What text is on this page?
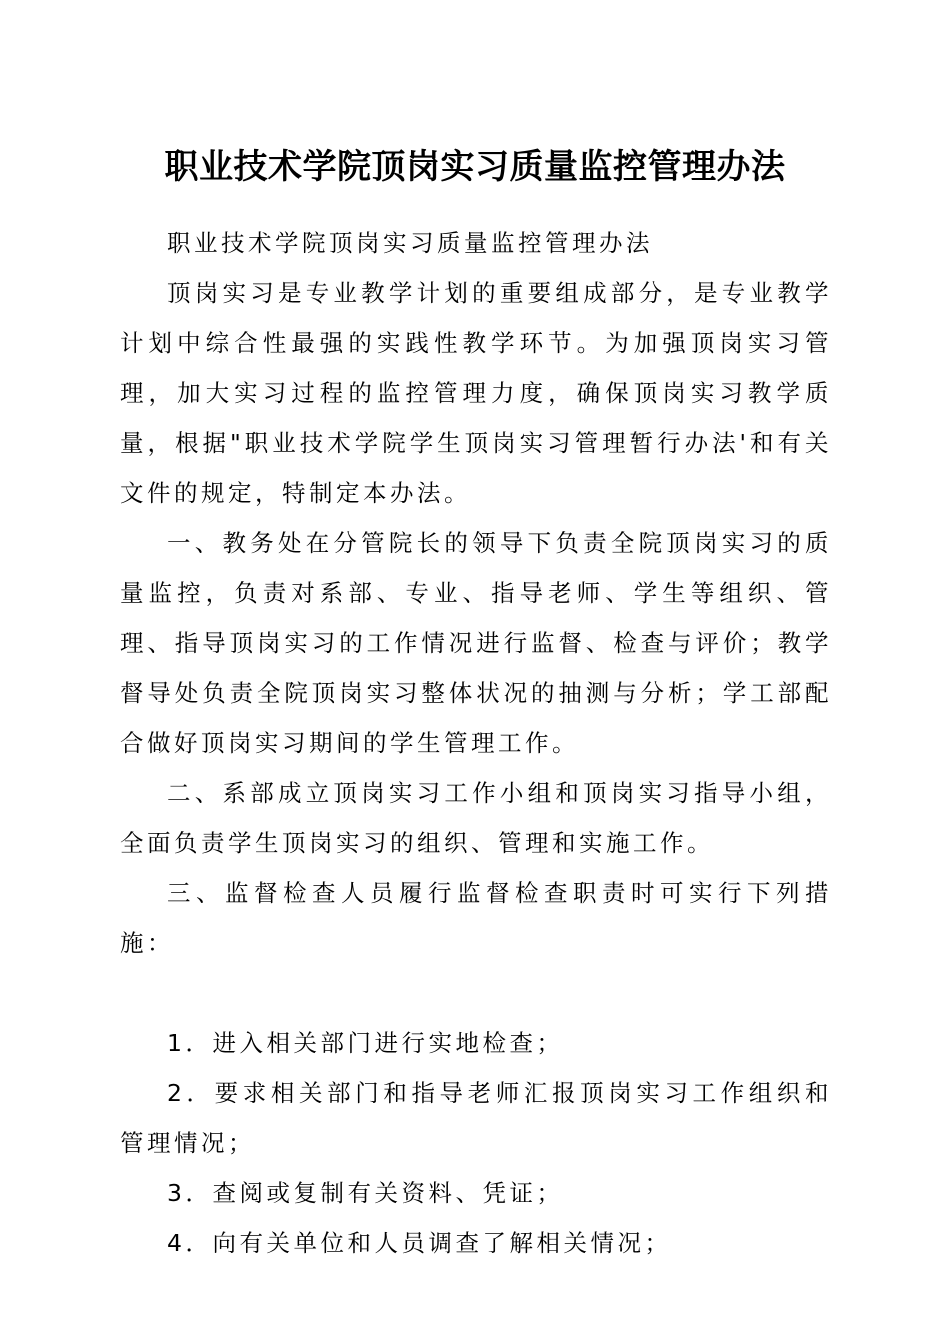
职业技术学院顶岗实习质量监控管理办法

职业技术学院顶岗实习质量监控管理办法

顶岗实习是专业教学计划的重要组成部分，是专业教学计划中综合性最强的实践性教学环节。为加强顶岗实习管理，加大实习过程的监控管理力度，确保顶岗实习教学质量，根据"职业技术学院学生顶岗实习管理暂行办法'和有关文件的规定，特制定本办法。

一、教务处在分管院长的领导下负责全院顶岗实习的质量监控，负责对系部、专业、指导老师、学生等组织、管理、指导顶岗实习的工作情况进行监督、检查与评价；教学督导处负责全院顶岗实习整体状况的抽测与分析；学工部配合做好顶岗实习期间的学生管理工作。

二、系部成立顶岗实习工作小组和顶岗实习指导小组，全面负责学生顶岗实习的组织、管理和实施工作。

三、监督检查人员履行监督检查职责时可实行下列措施：

1．进入相关部门进行实地检查；

2．要求相关部门和指导老师汇报顶岗实习工作组织和管理情况；

3．查阅或复制有关资料、凭证；

4．向有关单位和人员调查了解相关情况；
